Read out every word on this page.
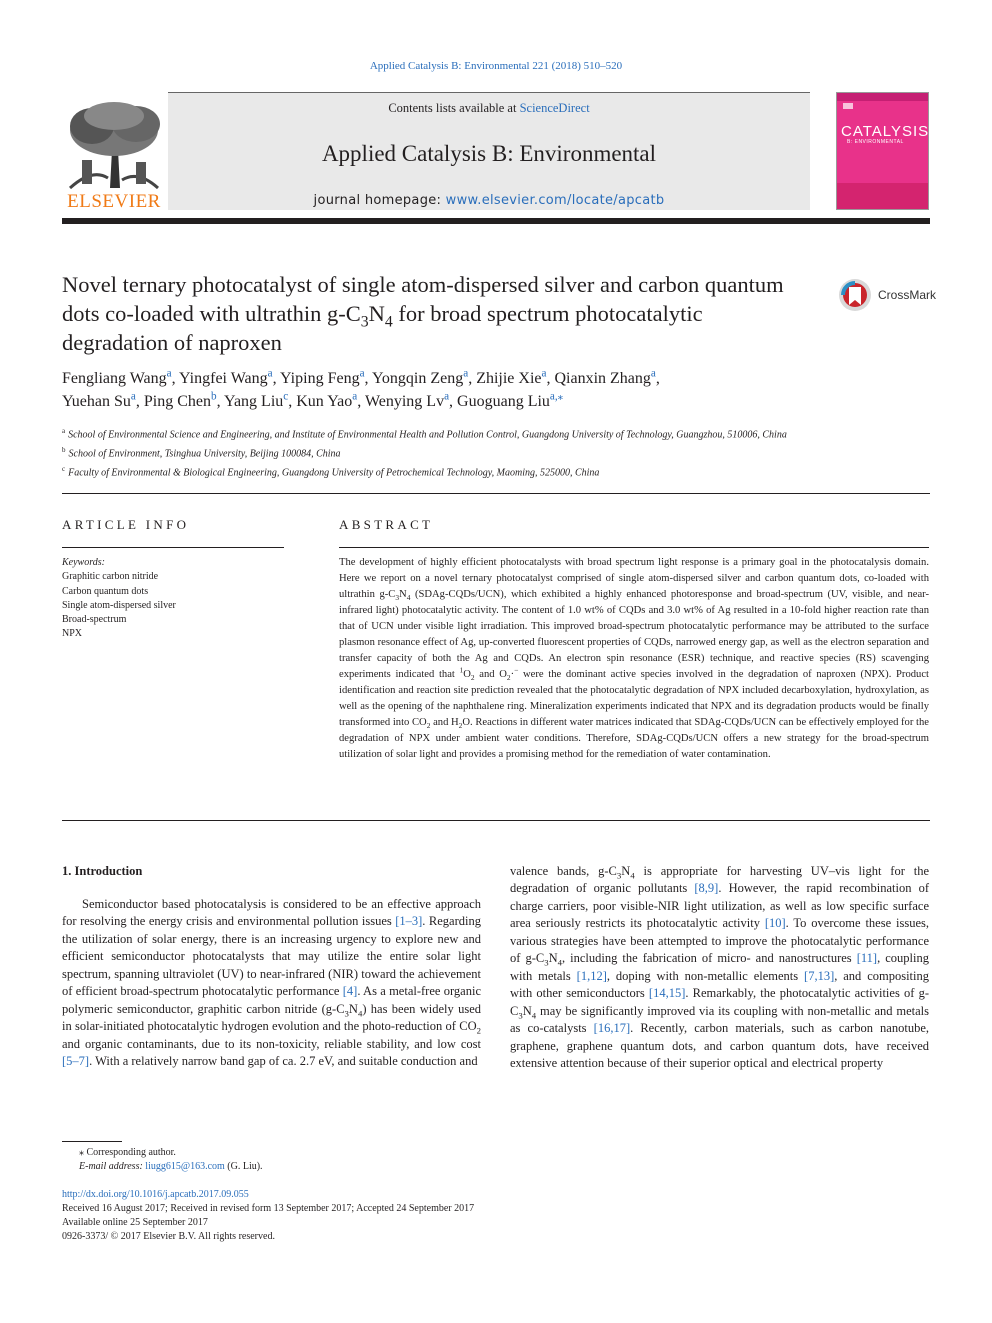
Applied Catalysis B: Environmental 221 (2018) 510–520
ELSEVIER
Contents lists available at ScienceDirect
Applied Catalysis B: Environmental
journal homepage: www.elsevier.com/locate/apcatb
CATALYSIS
B: ENVIRONMENTAL
Novel ternary photocatalyst of single atom-dispersed silver and carbon quantum dots co-loaded with ultrathin $g-C_3N_4$ for broad spectrum photocatalytic degradation of naproxen
CrossMark
Fengliang Wang$^a$, Yingfei Wang$^a$, Yiping Feng$^a$, Yongqin Zeng$^a$, Zhijie Xie$^a$, Qianxin Zhang$^a$,
Yuehan Su$^a$, Ping Chen$^b$, Yang Liu$^c$, Kun Yao$^a$, Wenying Lv$^a$, Guoguang Liu$^{a,⁎}$
$^a$ School of Environmental Science and Engineering, and Institute of Environmental Health and Pollution Control, Guangdong University of Technology, Guangzhou, 510006, China
$^b$ School of Environment, Tsinghua University, Beijing 100084, China
$^c$ Faculty of Environmental & Biological Engineering, Guangdong University of Petrochemical Technology, Maoming, 525000, China
ARTICLE INFO
Keywords:
Graphitic carbon nitride
Carbon quantum dots
Single atom-dispersed silver
Broad-spectrum
NPX
ABSTRACT
The development of highly efficient photocatalysts with broad spectrum light response is a primary goal in the photocatalysis domain. Here we report on a novel ternary photocatalyst comprised of single atom-dispersed silver and carbon quantum dots, co-loaded with ultrathin $g-C_3N_4$ (SDAg-CQDs/UCN), which exhibited a highly enhanced photoresponse and broad-spectrum (UV, visible, and near-infrared light) photocatalytic activity. The content of 1.0 wt% of CQDs and 3.0 wt% of Ag resulted in a 10-fold higher reaction rate than that of UCN under visible light irradiation. This improved broad-spectrum photocatalytic performance may be attributed to the surface plasmon resonance effect of Ag, up-converted fluorescent properties of CQDs, narrowed energy gap, as well as the electron separation and transfer capacity of both the Ag and CQDs. An electron spin resonance (ESR) technique, and reactive species (RS) scavenging experiments indicated that $^1O_2$ and $O_2\cdot^-$ were the dominant active species involved in the degradation of naproxen (NPX). Product identification and reaction site prediction revealed that the photocatalytic degradation of NPX included decarboxylation, hydroxylation, as well as the opening of the naphthalene ring. Mineralization experiments indicated that NPX and its degradation products would be finally transformed into $CO_2$ and $H_2O$. Reactions in different water matrices indicated that SDAg-CQDs/UCN can be effectively employed for the degradation of NPX under ambient water conditions. Therefore, SDAg-CQDs/UCN offers a new strategy for the broad-spectrum utilization of solar light and provides a promising method for the remediation of water contamination.
1. Introduction

Semiconductor based photocatalysis is considered to be an effective approach for resolving the energy crisis and environmental pollution issues [1–3]. Regarding the utilization of solar energy, there is an increasing urgency to explore new and efficient semiconductor photocatalysts that may utilize the entire solar light spectrum, spanning ultraviolet (UV) to near-infrared (NIR) toward the achievement of efficient broad-spectrum photocatalytic performance [4]. As a metal-free organic polymeric semiconductor, graphitic carbon nitride $(g-C_3N_4)$ has been widely used in solar-initiated photocatalytic hydrogen evolution and the photo-reduction of $CO_2$ and organic contaminants, due to its non-toxicity, reliable stability, and low cost [5–7]. With a relatively narrow band gap of ca. 2.7 eV, and suitable conduction and

valence bands, $g-C_3N_4$ is appropriate for harvesting UV–vis light for the degradation of organic pollutants [8,9]. However, the rapid recombination of charge carriers, poor visible-NIR light utilization, as well as low specific surface area seriously restricts its photocatalytic activity [10]. To overcome these issues, various strategies have been attempted to improve the photocatalytic performance of $g-C_3N_4$, including the fabrication of micro- and nanostructures [11], coupling with metals [1,12], doping with non-metallic elements [7,13], and compositing with other semiconductors [14,15]. Remarkably, the photocatalytic activities of $g-C_3N_4$ may be significantly improved via its coupling with non-metallic and metals as co-catalysts [16,17]. Recently, carbon materials, such as carbon nanotube, graphene, graphene quantum dots, and carbon quantum dots, have received extensive attention because of their superior optical and electrical property

⁎ Corresponding author.
E-mail address: liugg615@163.com (G. Liu).
http://dx.doi.org/10.1016/j.apcatb.2017.09.055
Received 16 August 2017; Received in revised form 13 September 2017; Accepted 24 September 2017
Available online 25 September 2017
0926-3373/ © 2017 Elsevier B.V. All rights reserved.
